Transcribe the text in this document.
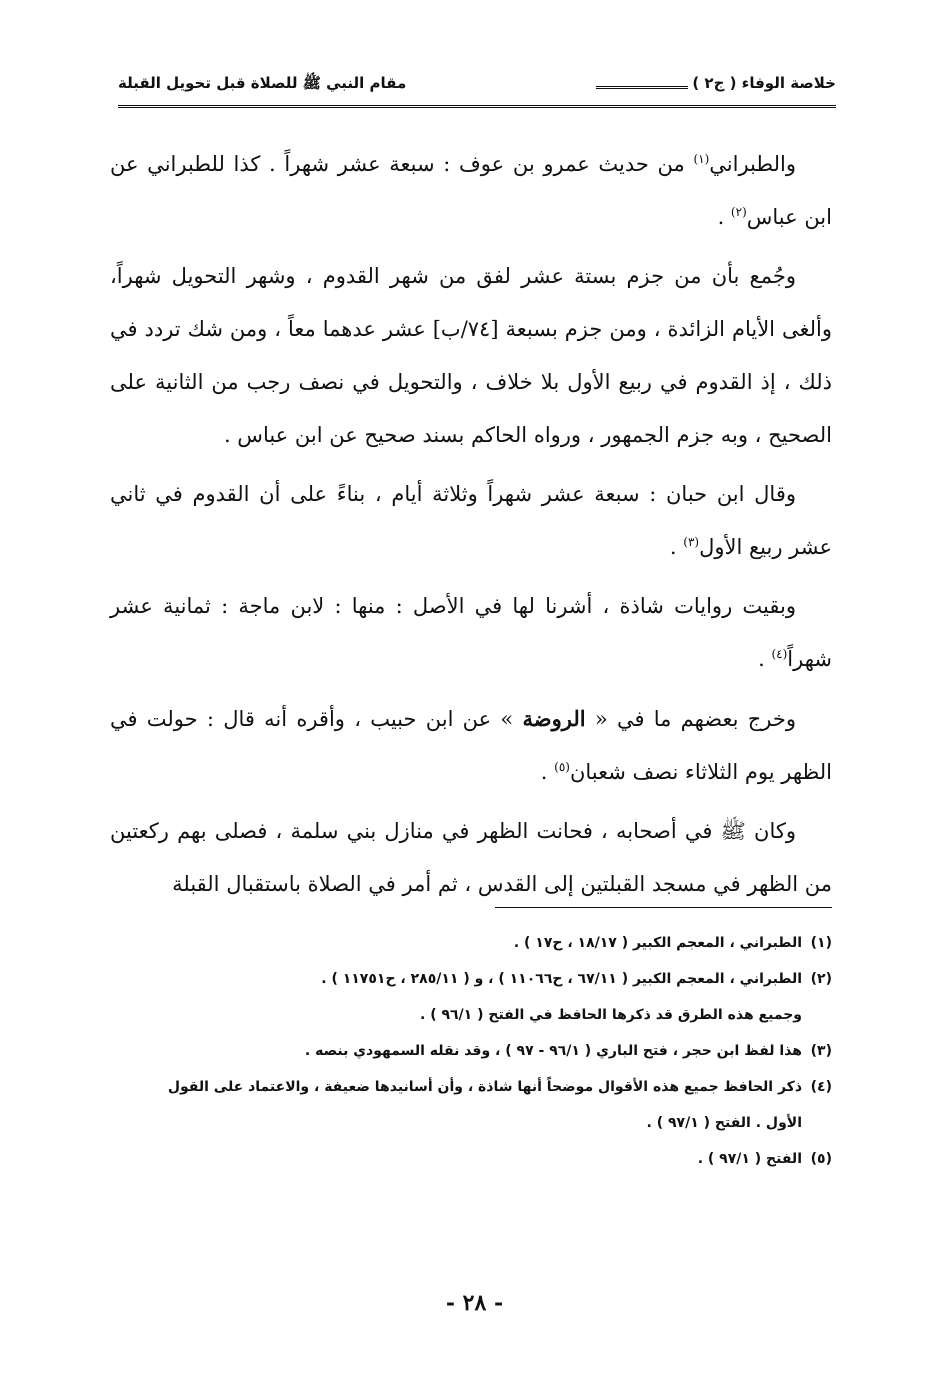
خلاصة الوفاء ( ج٢ )
مقام النبي ﷺ للصلاة قبل تحويل القبلة

والطبراني$^{(١)}$ من حديث عمرو بن عوف : سبعة عشر شهراً . كذا للطبراني عن ابن عباس$^{(٢)}$ .

وجُمع بأن من جزم بستة عشر لفق من شهر القدوم ، وشهر التحويل شهراً، وألغى الأيام الزائدة ، ومن جزم بسبعة [٧٤/ب] عشر عدهما معاً ، ومن شك تردد في ذلك ، إذ القدوم في ربيع الأول بلا خلاف ، والتحويل في نصف رجب من الثانية على الصحيح ، وبه جزم الجمهور ، ورواه الحاكم بسند صحيح عن ابن عباس .

وقال ابن حبان : سبعة عشر شهراً وثلاثة أيام ، بناءً على أن القدوم في ثاني عشر ربيع الأول$^{(٣)}$ .

وبقيت روايات شاذة ، أشرنا لها في الأصل : منها : لابن ماجة : ثمانية عشر شهراً$^{(٤)}$ .

وخرج بعضهم ما في « الروضة » عن ابن حبيب ، وأقره أنه قال : حولت في الظهر يوم الثلاثاء نصف شعبان$^{(٥)}$ .

وكان ﷺ في أصحابه ، فحانت الظهر في منازل بني سلمة ، فصلى بهم ركعتين من الظهر في مسجد القبلتين إلى القدس ، ثم أمر في الصلاة باستقبال القبلة

(١)
الطبراني ، المعجم الكبير ( ١٨/١٧ ، ح١٧ ) .
(٢)
الطبراني ، المعجم الكبير ( ٦٧/١١ ، ح١١٠٦٦ ) ، و ( ٢٨٥/١١ ، ح١١٧٥١ ) .
وجميع هذه الطرق قد ذكرها الحافظ في الفتح ( ٩٦/١ ) .
(٣)
هذا لفظ ابن حجر ، فتح الباري ( ٩٦/١ - ٩٧ ) ، وقد نقله السمهودي بنصه .
(٤)
ذكر الحافظ جميع هذه الأقوال موضحاً أنها شاذة ، وأن أسانيدها ضعيفة ، والاعتماد على القول
الأول . الفتح ( ٩٧/١ ) .
(٥)
الفتح ( ٩٧/١ ) .
- ٢٨ -
